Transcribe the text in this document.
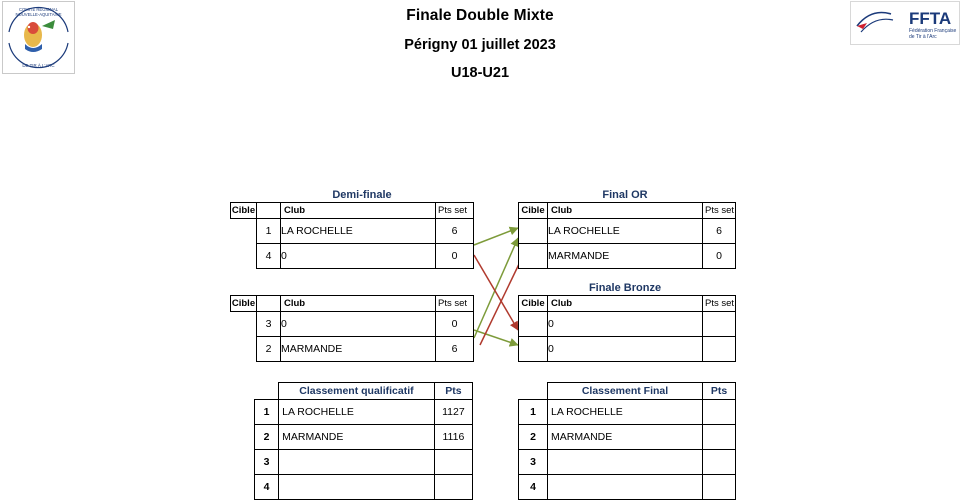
COMITÉ RÉGIONAL
NOUVELLE-AQUITAINE
DE TIR À L'ARC
FFTA
Fédération Française
de Tir à l'Arc
Finale Double Mixte
Périgny 01 juillet 2023
U18-U21
Demi-finale	Final OR
Finale Bronze
Cible		Club	Pts set
	1	LA ROCHELLE	6
	4	0	0
Cible		Club	Pts set
	3	0	0
	2	MARMANDE	6
Cible	Club	Pts set
	LA ROCHELLE	6
	MARMANDE	0
Cible	Club	Pts set
	0	
	0	
	Classement qualificatif	Pts
1	LA ROCHELLE	1127
2	MARMANDE	1116
3		
4		
	Classement Final	Pts
1	LA ROCHELLE	
2	MARMANDE	
3		
4		
